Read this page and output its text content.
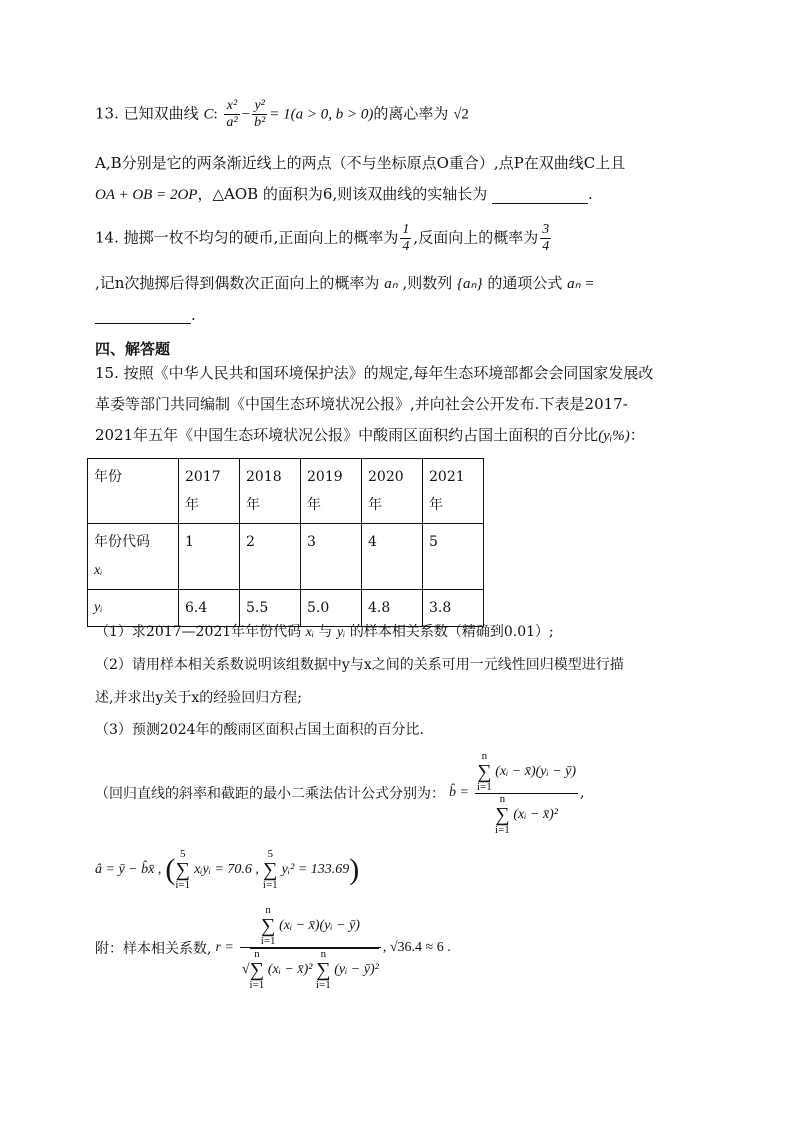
13. 已知双曲线 C: $\frac{\text{x²}}{\text{a²}} - \frac{\text{y²}}{\text{b²}} = 1(a > 0$, b > 0)的离心率为 √2
A,B分别是它的两条渐近线上的两点（不与坐标原点O重合）,点P在双曲线C上且
OA + OB = 2OP，△AOB 的面积为6,则该双曲线的实轴长为	.
14. 抛掷一枚不均匀的硬币,正面向上的概率为 $\frac{1}{4}$ ,反面向上的概率为 $\frac{3}{4}$
,记n次抛掷后得到偶数次正面向上的概率为 aₙ ,则数列 {aₙ} 的通项公式 aₙ =
.
四、解答题
15. 按照《中华人民共和国环境保护法》的规定,每年生态环境部都会会同国家发展改
革委等部门共同编制《中国生态环境状况公报》,并向社会公开发布.下表是2017-
2021年五年《中国生态环境状况公报》中酸雨区面积约占国土面积的百分比(yᵢ%)：
年份	2017年	2018年	2019年	2020年	2021年
年份代码
xᵢ	1	2	3	4	5
yᵢ	6.4	5.5	5.0	4.8	3.8
（1）求2017—2021年年份代码 xᵢ 与 yᵢ 的样本相关系数（精确到0.01）;
（2）请用样本相关系数说明该组数据中y与x之间的关系可用一元线性回归模型进行描
述,并求出y关于x的经验回归方程;
（3）预测2024年的酸雨区面积占国土面积的百分比.
（回归直线的斜率和截距的最小二乘法估计公式分别为： b̂ = n
∑
i=1 (xᵢ − x̄)(yᵢ − ȳ)
n
∑
i=1 (xᵢ − x̄)² ,
â = ȳ − b̂x̄ , ( 5
∑
i=1
xᵢyᵢ = 70.6 ,
5
∑
i=1
yᵢ² = 133.69 )
附：样本相关系数, r =
n
∑
i=1 (xᵢ − x̄)(yᵢ − ȳ)
√n
∑
i=1 (xᵢ − x̄)² n
∑
i=1 (yᵢ − ȳ)²
, √36.4 ≈ 6 .
